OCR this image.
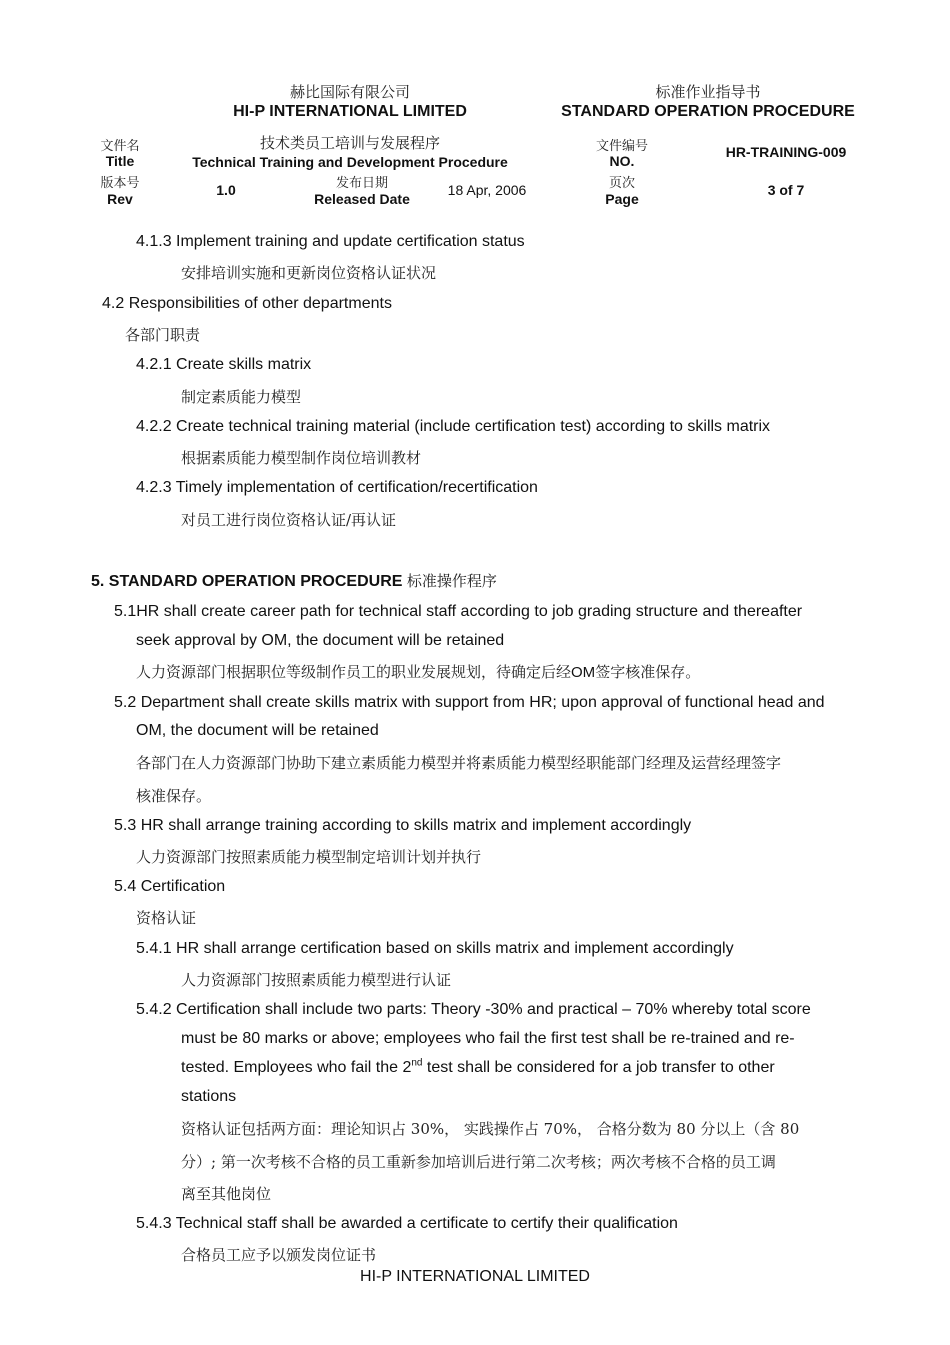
赫比国际有限公司
HI-P INTERNATIONAL LIMITED
标准作业指导书
STANDARD OPERATION PROCEDURE
文件名
Title
技术类员工培训与发展程序
Technical Training and Development Procedure
文件编号
NO.
HR-TRAINING-009
版本号
Rev
1.0	发布日期
Released Date
18 Apr, 2006	页次
Page
3 of 7
4.1.3 Implement training and update certification status
安排培训实施和更新岗位资格认证状况
4.2 Responsibilities of other departments
各部门职责
4.2.1 Create skills matrix
制定素质能力模型
4.2.2 Create technical training material (include certification test) according to skills matrix
根据素质能力模型制作岗位培训教材
4.2.3 Timely implementation of certification/recertification
对员工进行岗位资格认证/再认证
5. STANDARD OPERATION PROCEDURE 标准操作程序
5.1HR shall create career path for technical staff according to job grading structure and thereafter
seek approval by OM, the document will be retained
人力资源部门根据职位等级制作员工的职业发展规划，待确定后经OM签字核准保存。
5.2 Department shall create skills matrix with support from HR; upon approval of functional head and
OM, the document will be retained
各部门在人力资源部门协助下建立素质能力模型并将素质能力模型经职能部门经理及运营经理签字
核准保存。
5.3 HR shall arrange training according to skills matrix and implement accordingly
人力资源部门按照素质能力模型制定培训计划并执行
5.4 Certification
资格认证
5.4.1 HR shall arrange certification based on skills matrix and implement accordingly
人力资源部门按照素质能力模型进行认证
5.4.2 Certification shall include two parts: Theory -30% and practical – 70% whereby total score
must be 80 marks or above; employees who fail the first test shall be re-trained and re-
tested. Employees who fail the 2nd test shall be considered for a job transfer to other
stations
资格认证包括两方面：理论知识占 30%， 实践操作占 70%， 合格分数为 80 分以上（含 80
分）; 第一次考核不合格的员工重新参加培训后进行第二次考核；两次考核不合格的员工调
离至其他岗位
5.4.3 Technical staff shall be awarded a certificate to certify their qualification
合格员工应予以颁发岗位证书
HI-P INTERNATIONAL LIMITED
